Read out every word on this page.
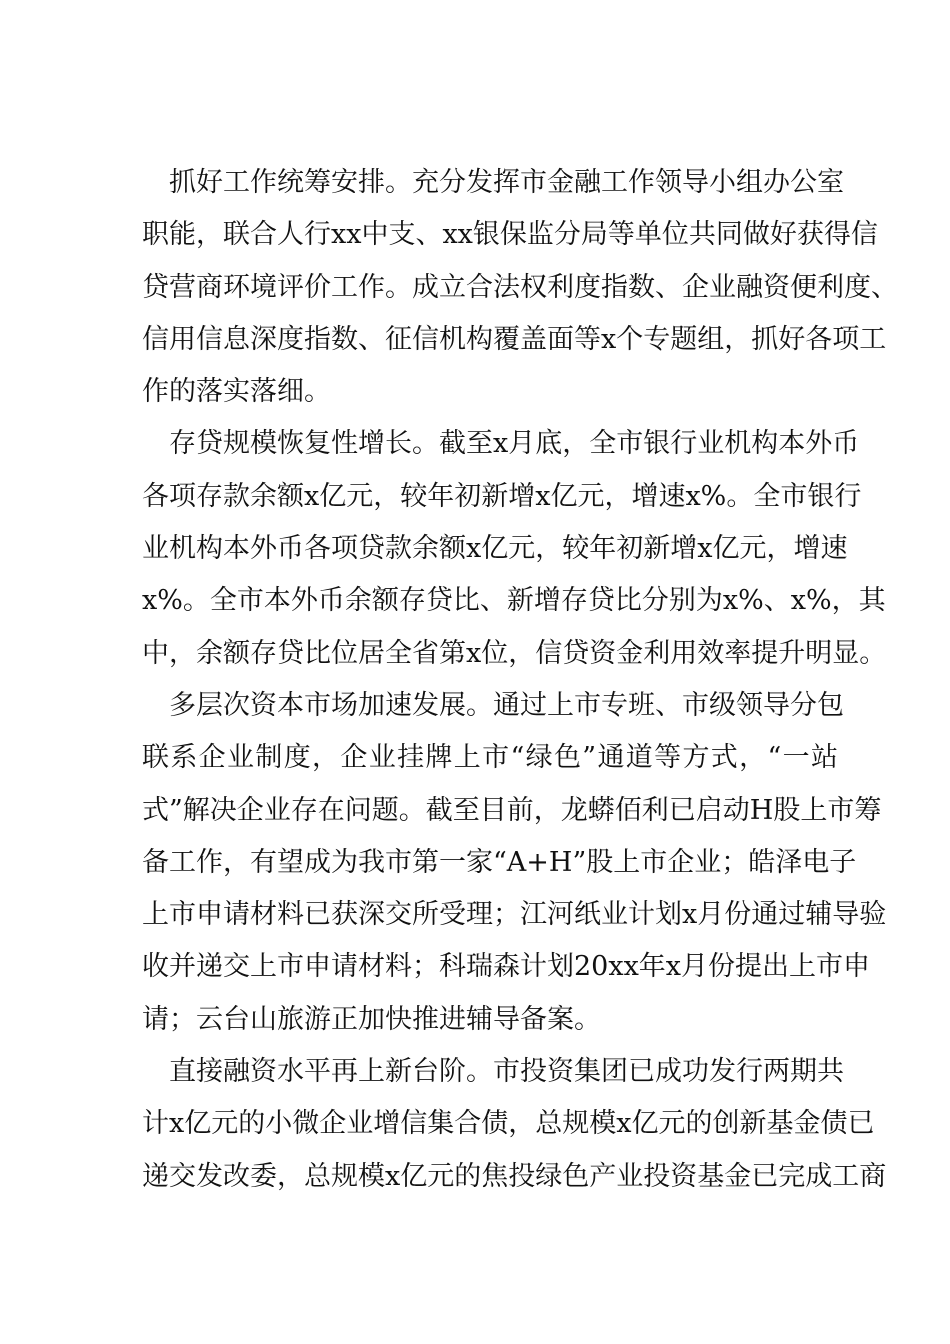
抓好工作统筹安排。充分发挥市金融工作领导小组办公室
职能，联合人行xx中支、xx银保监分局等单位共同做好获得信
贷营商环境评价工作。成立合法权利度指数、企业融资便利度、
信用信息深度指数、征信机构覆盖面等x个专题组，抓好各项工
作的落实落细。
存贷规模恢复性增长。截至x月底，全市银行业机构本外币
各项存款余额x亿元，较年初新增x亿元，增速x%。全市银行
业机构本外币各项贷款余额x亿元，较年初新增x亿元，增速
x%。全市本外币余额存贷比、新增存贷比分别为x%、x%，其
中，余额存贷比位居全省第x位，信贷资金利用效率提升明显。
多层次资本市场加速发展。通过上市专班、市级领导分包
联系企业制度，企业挂牌上市“绿色”通道等方式，“一站
式”解决企业存在问题。截至目前，龙蟒佰利已启动H股上市筹
备工作，有望成为我市第一家“A+H”股上市企业；皓泽电子
上市申请材料已获深交所受理；江河纸业计划x月份通过辅导验
收并递交上市申请材料；科瑞森计划20xx年x月份提出上市申
请；云台山旅游正加快推进辅导备案。
直接融资水平再上新台阶。市投资集团已成功发行两期共
计x亿元的小微企业增信集合债，总规模x亿元的创新基金债已
递交发改委，总规模x亿元的焦投绿色产业投资基金已完成工商
